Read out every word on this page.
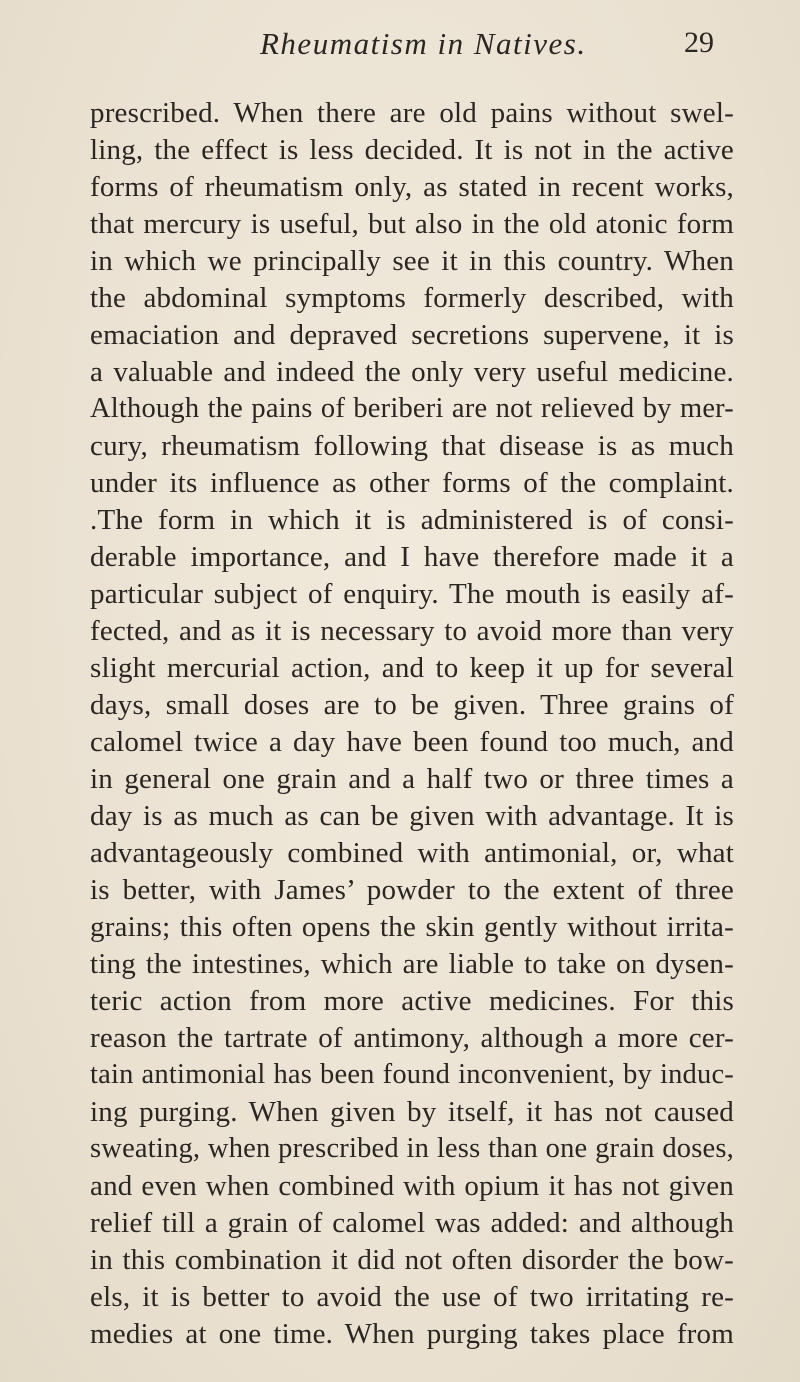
Rheumatism in Natives.	29
prescribed. When there are old pains without swel-
ling, the effect is less decided. It is not in the active
forms of rheumatism only, as stated in recent works,
that mercury is useful, but also in the old atonic form
in which we principally see it in this country. When
the abdominal symptoms formerly described, with
emaciation and depraved secretions supervene, it is
a valuable and indeed the only very useful medicine.
Although the pains of beriberi are not relieved by mer-
cury, rheumatism following that disease is as much
under its influence as other forms of the complaint.
.The form in which it is administered is of consi-
derable importance, and I have therefore made it a
particular subject of enquiry. The mouth is easily af-
fected, and as it is necessary to avoid more than very
slight mercurial action, and to keep it up for several
days, small doses are to be given. Three grains of
calomel twice a day have been found too much, and
in general one grain and a half two or three times a
day is as much as can be given with advantage. It is
advantageously combined with antimonial, or, what
is better, with James’ powder to the extent of three
grains; this often opens the skin gently without irrita-
ting the intestines, which are liable to take on dysen-
teric action from more active medicines. For this
reason the tartrate of antimony, although a more cer-
tain antimonial has been found inconvenient, by induc-
ing purging. When given by itself, it has not caused
sweating, when prescribed in less than one grain doses,
and even when combined with opium it has not given
relief till a grain of calomel was added: and although
in this combination it did not often disorder the bow-
els, it is better to avoid the use of two irritating re-
medies at one time. When purging takes place from
